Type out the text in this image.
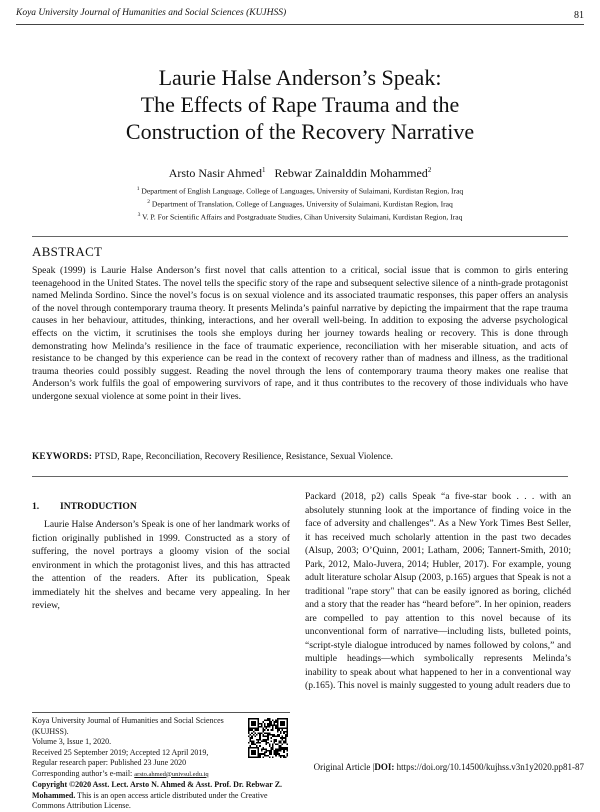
Koya University Journal of Humanities and Social Sciences (KUJHSS)	81
Laurie Halse Anderson’s Speak:
The Effects of Rape Trauma and the
Construction of the Recovery Narrative
Arsto Nasir Ahmed$^1$ Rebwar Zainalddin Mohammed$^2$
$^1$ Department of English Language, College of Languages, University of Sulaimani, Kurdistan Region, Iraq
$^2$ Department of Translation, College of Languages, University of Sulaimani, Kurdistan Region, Iraq
$^3$ V. P. For Scientific Affairs and Postgraduate Studies, Cihan University Sulaimani, Kurdistan Region, Iraq
ABSTRACT
Speak (1999) is Laurie Halse Anderson’s first novel that calls attention to a critical, social issue that is common to girls entering teenagehood in the United States. The novel tells the specific story of the rape and subsequent selective silence of a ninth-grade protagonist named Melinda Sordino. Since the novel’s focus is on sexual violence and its associated traumatic responses, this paper offers an analysis of the novel through contemporary trauma theory. It presents Melinda’s painful narrative by depicting the impairment that the rape trauma causes in her behaviour, attitudes, thinking, interactions, and her overall well-being. In addition to exposing the adverse psychological effects on the victim, it scrutinises the tools she employs during her journey towards healing or recovery. This is done through demonstrating how Melinda’s resilience in the face of traumatic experience, reconciliation with her miserable situation, and acts of resistance to be changed by this experience can be read in the context of recovery rather than of madness and illness, as the traditional trauma theories could possibly suggest. Reading the novel through the lens of contemporary trauma theory makes one realise that Anderson’s work fulfils the goal of empowering survivors of rape, and it thus contributes to the recovery of those individuals who have undergone sexual violence at some point in their lives.
KEYWORDS: PTSD, Rape, Reconciliation, Recovery Resilience, Resistance, Sexual Violence.
1. INTRODUCTION

Laurie Halse Anderson’s Speak is one of her landmark works of fiction originally published in 1999. Constructed as a story of suffering, the novel portrays a gloomy vision of the social environment in which the protagonist lives, and this has attracted the attention of the readers. After its publication, Speak immediately hit the shelves and became very appealing. In her review,

Packard (2018, p2) calls Speak “a five-star book . . . with an absolutely stunning look at the importance of finding voice in the face of adversity and challenges”. As a New York Times Best Seller, it has received much scholarly attention in the past two decades (Alsup, 2003; O’Quinn, 2001; Latham, 2006; Tannert-Smith, 2010; Park, 2012, Malo-Juvera, 2014; Hubler, 2017). For example, young adult literature scholar Alsup (2003, p.165) argues that Speak is not a traditional "rape story" that can be easily ignored as boring, clichéd and a story that the reader has “heard before”. In her opinion, readers are compelled to pay attention to this novel because of its unconventional form of narrative—including lists, bulleted points, “script-style dialogue introduced by names followed by colons,” and multiple headings—which symbolically represents Melinda’s inability to speak about what happened to her in a conventional way (p.165). This novel is mainly suggested to young adult readers due to

Koya University Journal of Humanities and Social Sciences (KUJHSS).
Volume 3, Issue 1, 2020.
Received 25 September 2019; Accepted 12 April 2019,
Regular research paper: Published 23 June 2020
Corresponding author’s e-mail: arsto.ahmed@univsul.edu.iq
Copyright ©2020 Asst. Lect. Arsto N. Ahmed & Asst. Prof. Dr. Rebwar Z. Mohammed. This is an open access article distributed under the Creative Commons Attribution License.
Original Article |DOI: https://doi.org/10.14500/kujhss.v3n1y2020.pp81-87
